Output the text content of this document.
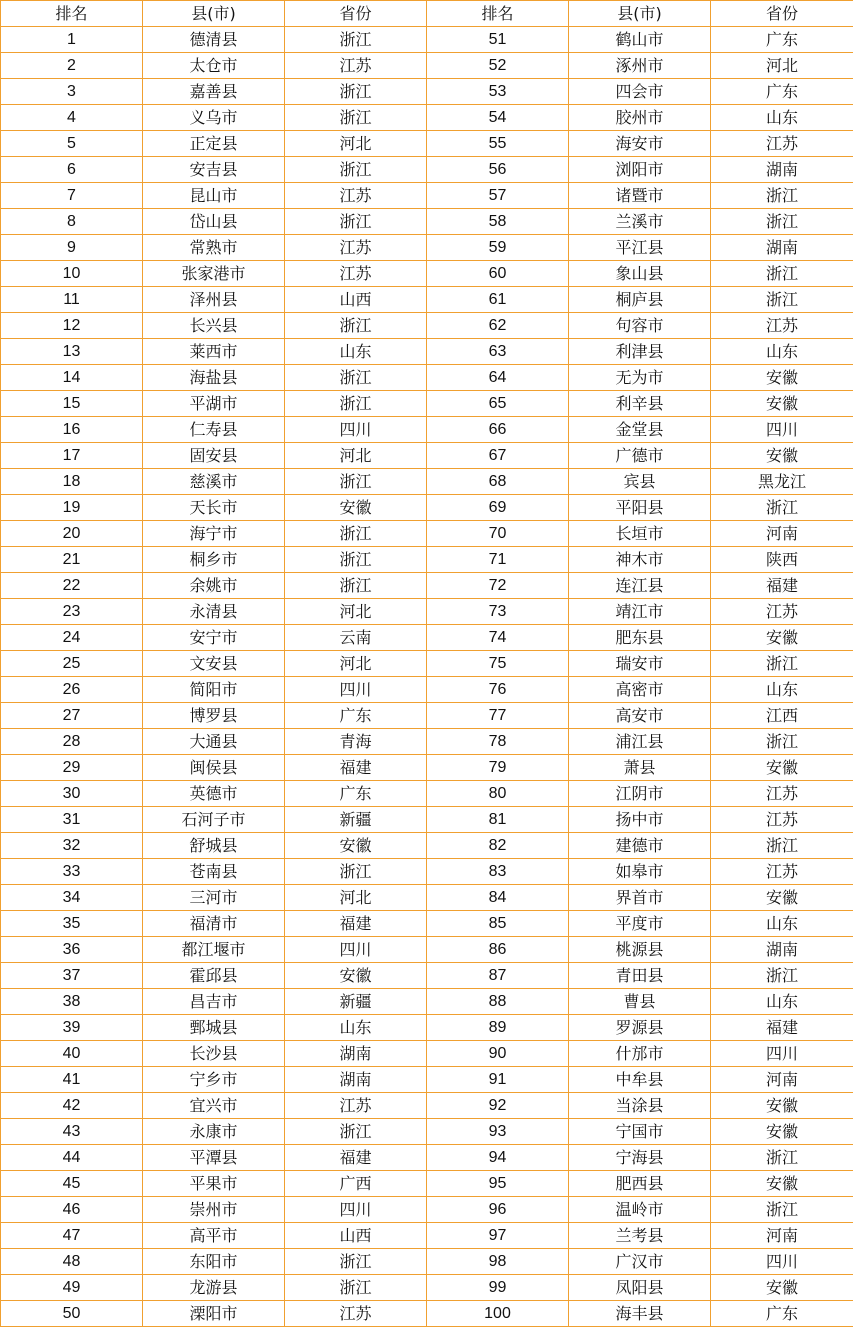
排名	县(市)	省份	排名	县(市)	省份
1	德清县	浙江	51	鹤山市	广东
2	太仓市	江苏	52	涿州市	河北
3	嘉善县	浙江	53	四会市	广东
4	义乌市	浙江	54	胶州市	山东
5	正定县	河北	55	海安市	江苏
6	安吉县	浙江	56	浏阳市	湖南
7	昆山市	江苏	57	诸暨市	浙江
8	岱山县	浙江	58	兰溪市	浙江
9	常熟市	江苏	59	平江县	湖南
10	张家港市	江苏	60	象山县	浙江
11	泽州县	山西	61	桐庐县	浙江
12	长兴县	浙江	62	句容市	江苏
13	莱西市	山东	63	利津县	山东
14	海盐县	浙江	64	无为市	安徽
15	平湖市	浙江	65	利辛县	安徽
16	仁寿县	四川	66	金堂县	四川
17	固安县	河北	67	广德市	安徽
18	慈溪市	浙江	68	宾县	黑龙江
19	天长市	安徽	69	平阳县	浙江
20	海宁市	浙江	70	长垣市	河南
21	桐乡市	浙江	71	神木市	陕西
22	余姚市	浙江	72	连江县	福建
23	永清县	河北	73	靖江市	江苏
24	安宁市	云南	74	肥东县	安徽
25	文安县	河北	75	瑞安市	浙江
26	简阳市	四川	76	高密市	山东
27	博罗县	广东	77	高安市	江西
28	大通县	青海	78	浦江县	浙江
29	闽侯县	福建	79	萧县	安徽
30	英德市	广东	80	江阴市	江苏
31	石河子市	新疆	81	扬中市	江苏
32	舒城县	安徽	82	建德市	浙江
33	苍南县	浙江	83	如皋市	江苏
34	三河市	河北	84	界首市	安徽
35	福清市	福建	85	平度市	山东
36	都江堰市	四川	86	桃源县	湖南
37	霍邱县	安徽	87	青田县	浙江
38	昌吉市	新疆	88	曹县	山东
39	鄄城县	山东	89	罗源县	福建
40	长沙县	湖南	90	什邡市	四川
41	宁乡市	湖南	91	中牟县	河南
42	宜兴市	江苏	92	当涂县	安徽
43	永康市	浙江	93	宁国市	安徽
44	平潭县	福建	94	宁海县	浙江
45	平果市	广西	95	肥西县	安徽
46	崇州市	四川	96	温岭市	浙江
47	高平市	山西	97	兰考县	河南
48	东阳市	浙江	98	广汉市	四川
49	龙游县	浙江	99	凤阳县	安徽
50	溧阳市	江苏	100	海丰县	广东
